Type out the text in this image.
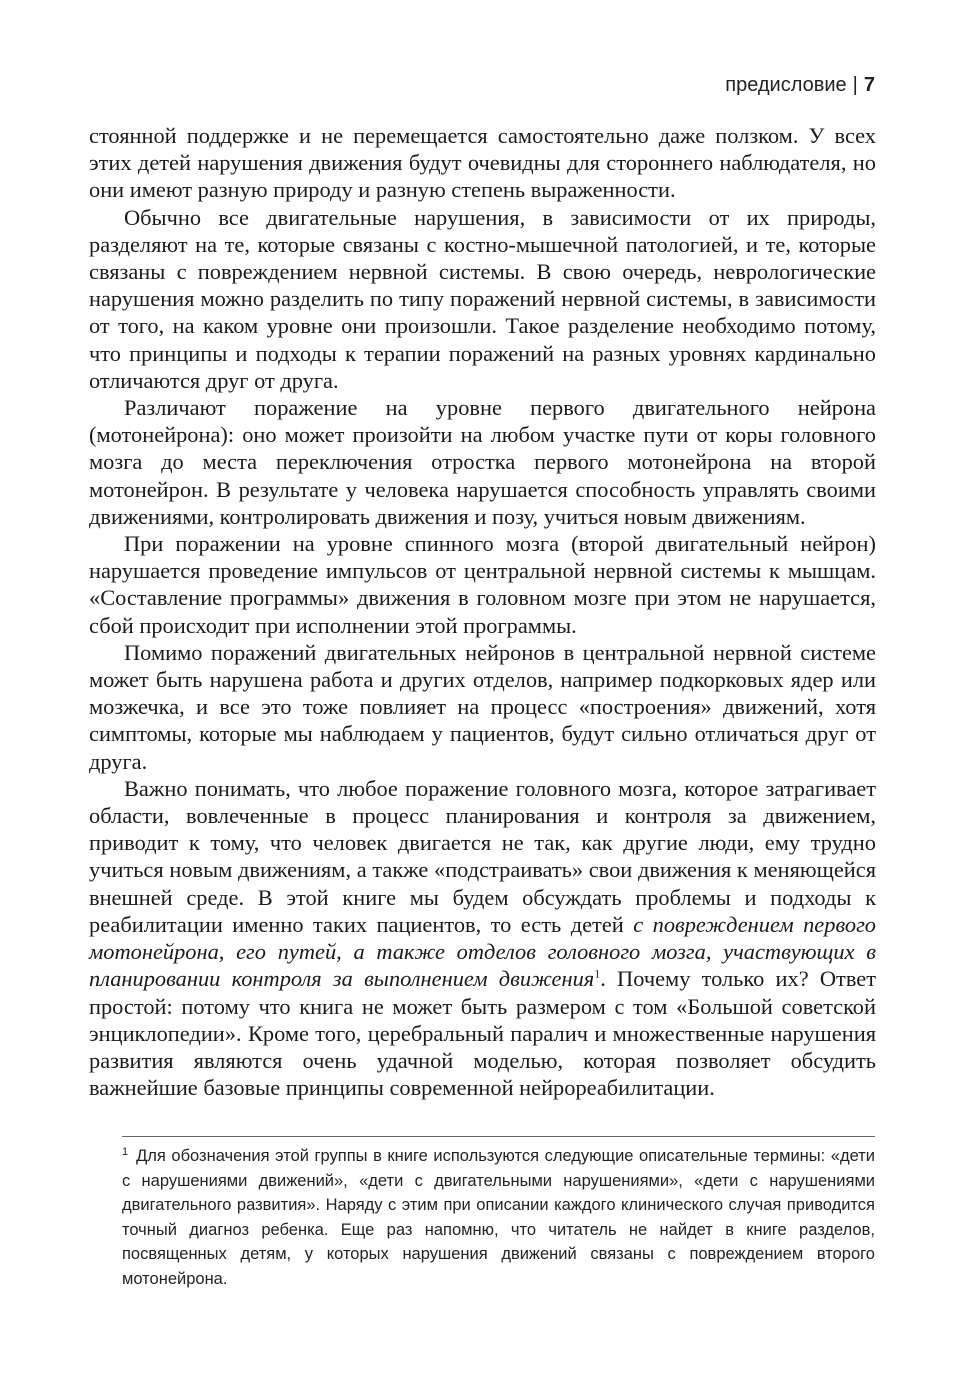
предисловие | 7

стоянной поддержке и не перемещается самостоятельно даже ползком. У всех этих детей нарушения движения будут очевидны для стороннего наблюдателя, но они имеют разную природу и разную степень выраженности.

Обычно все двигательные нарушения, в зависимости от их природы, разделяют на те, которые связаны с костно-мышечной патологией, и те, которые связаны с повреждением нервной системы. В свою очередь, неврологические нарушения можно разделить по типу поражений нервной системы, в зависимости от того, на каком уровне они произошли. Такое разделение необходимо потому, что принципы и подходы к терапии поражений на разных уровнях кардинально отличаются друг от друга.

Различают поражение на уровне первого двигательного нейрона (мотонейрона): оно может произойти на любом участке пути от коры головного мозга до места переключения отростка первого мотонейрона на второй мотонейрон. В результате у человека нарушается способность управлять своими движениями, контролировать движения и позу, учиться новым движениям.

При поражении на уровне спинного мозга (второй двигательный нейрон) нарушается проведение импульсов от центральной нервной системы к мышцам. «Составление программы» движения в головном мозге при этом не нарушается, сбой происходит при исполнении этой программы.

Помимо поражений двигательных нейронов в центральной нервной системе может быть нарушена работа и других отделов, например подкорковых ядер или мозжечка, и все это тоже повлияет на процесс «построения» движений, хотя симптомы, которые мы наблюдаем у пациентов, будут сильно отличаться друг от друга.

Важно понимать, что любое поражение головного мозга, которое затрагивает области, вовлеченные в процесс планирования и контроля за движением, приводит к тому, что человек двигается не так, как другие люди, ему трудно учиться новым движениям, а также «подстраивать» свои движения к меняющейся внешней среде. В этой книге мы будем обсуждать проблемы и подходы к реабилитации именно таких пациентов, то есть детей с повреждением первого мотонейрона, его путей, а также отделов головного мозга, участвующих в планировании контроля за выполнением движения$^1$. Почему только их? Ответ простой: потому что книга не может быть размером с том «Большой советской энциклопедии». Кроме того, церебральный паралич и множественные нарушения развития являются очень удачной моделью, которая позволяет обсудить важнейшие базовые принципы современной нейрореабилитации.

$^1$ Для обозначения этой группы в книге используются следующие описательные термины: «дети с нарушениями движений», «дети с двигательными нарушениями», «дети с нарушениями двигательного развития». Наряду с этим при описании каждого клинического случая приводится точный диагноз ребенка. Еще раз напомню, что читатель не найдет в книге разделов, посвященных детям, у которых нарушения движений связаны с повреждением второго мотонейрона.
